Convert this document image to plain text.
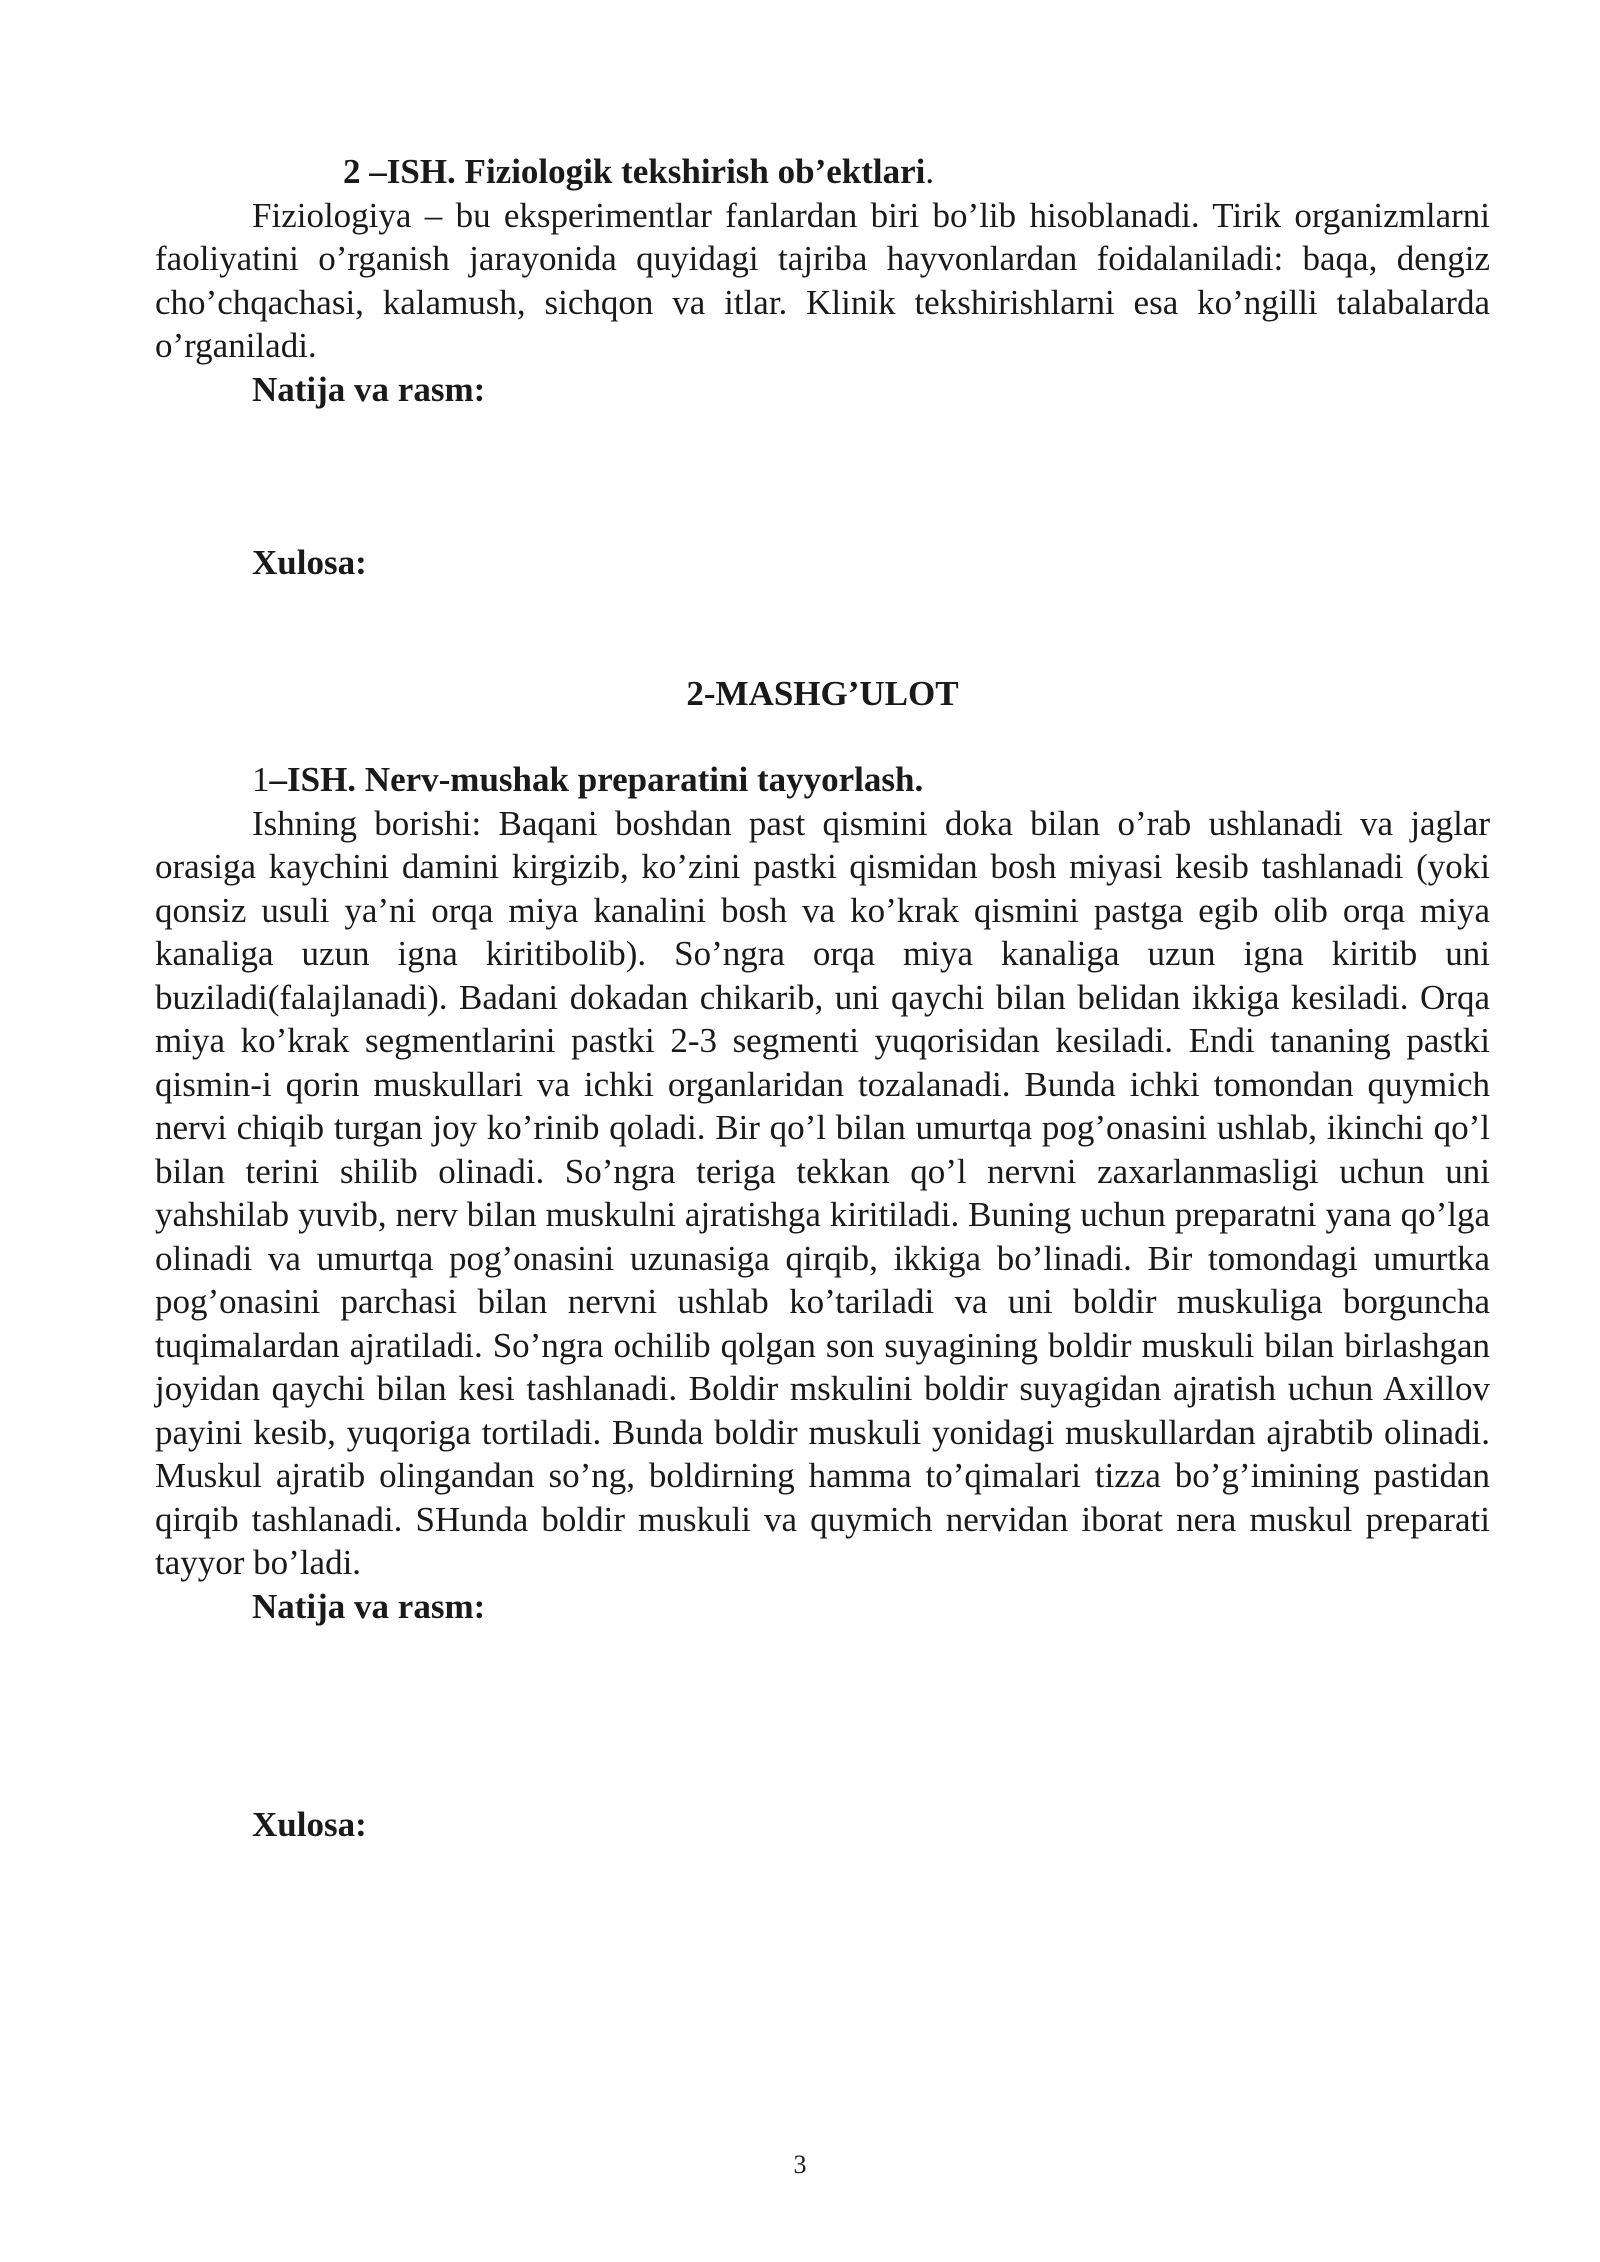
2 –ISH. Fiziologik tekshirish ob’ektlari.

Fiziologiya – bu eksperimentlar fanlardan biri bo’lib hisoblanadi. Tirik organizmlarni faoliyatini o’rganish jarayonida quyidagi tajriba hayvonlardan foidalaniladi: baqa, dengiz cho’chqachasi, kalamush, sichqon va itlar. Klinik tekshirishlarni esa ko’ngilli talabalarda o’rganiladi.

Natija va rasm:

Xulosa:

2-MASHG’ULOT

1–ISH. Nerv-mushak preparatini tayyorlash.

Ishning borishi: Baqani boshdan past qismini doka bilan o’rab ushlanadi va jaglar orasiga kaychini damini kirgizib, ko’zini pastki qismidan bosh miyasi kesib tashlanadi (yoki qonsiz usuli ya’ni orqa miya kanalini bosh va ko’krak qismini pastga egib olib orqa miya kanaliga uzun igna kiritibolib). So’ngra orqa miya kanaliga uzun igna kiritib uni buziladi(falajlanadi). Badani dokadan chikarib, uni qaychi bilan belidan ikkiga kesiladi. Orqa miya ko’krak segmentlarini pastki 2-3 segmenti yuqorisidan kesiladi. Endi tananing pastki qismin-i qorin muskullari va ichki organlaridan tozalanadi. Bunda ichki tomondan quymich nervi chiqib turgan joy ko’rinib qoladi. Bir qo’l bilan umurtqa pog’onasini ushlab, ikinchi qo’l bilan terini shilib olinadi. So’ngra teriga tekkan qo’l nervni zaxarlanmasligi uchun uni yahshilab yuvib, nerv bilan muskulni ajratishga kiritiladi. Buning uchun preparatni yana qo’lga olinadi va umurtqa pog’onasini uzunasiga qirqib, ikkiga bo’linadi. Bir tomondagi umurtka pog’onasini parchasi bilan nervni ushlab ko’tariladi va uni boldir muskuliga borguncha tuqimalardan ajratiladi. So’ngra ochilib qolgan son suyagining boldir muskuli bilan birlashgan joyidan qaychi bilan kesi tashlanadi. Boldir mskulini boldir suyagidan ajratish uchun Axillov payini kesib, yuqoriga tortiladi. Bunda boldir muskuli yonidagi muskullardan ajrabtib olinadi. Muskul ajratib olingandan so’ng, boldirning hamma to’qimalari tizza bo’g’imining pastidan qirqib tashlanadi. SHunda boldir muskuli va quymich nervidan iborat nera muskul preparati tayyor bo’ladi.

Natija va rasm:

Xulosa:

3
